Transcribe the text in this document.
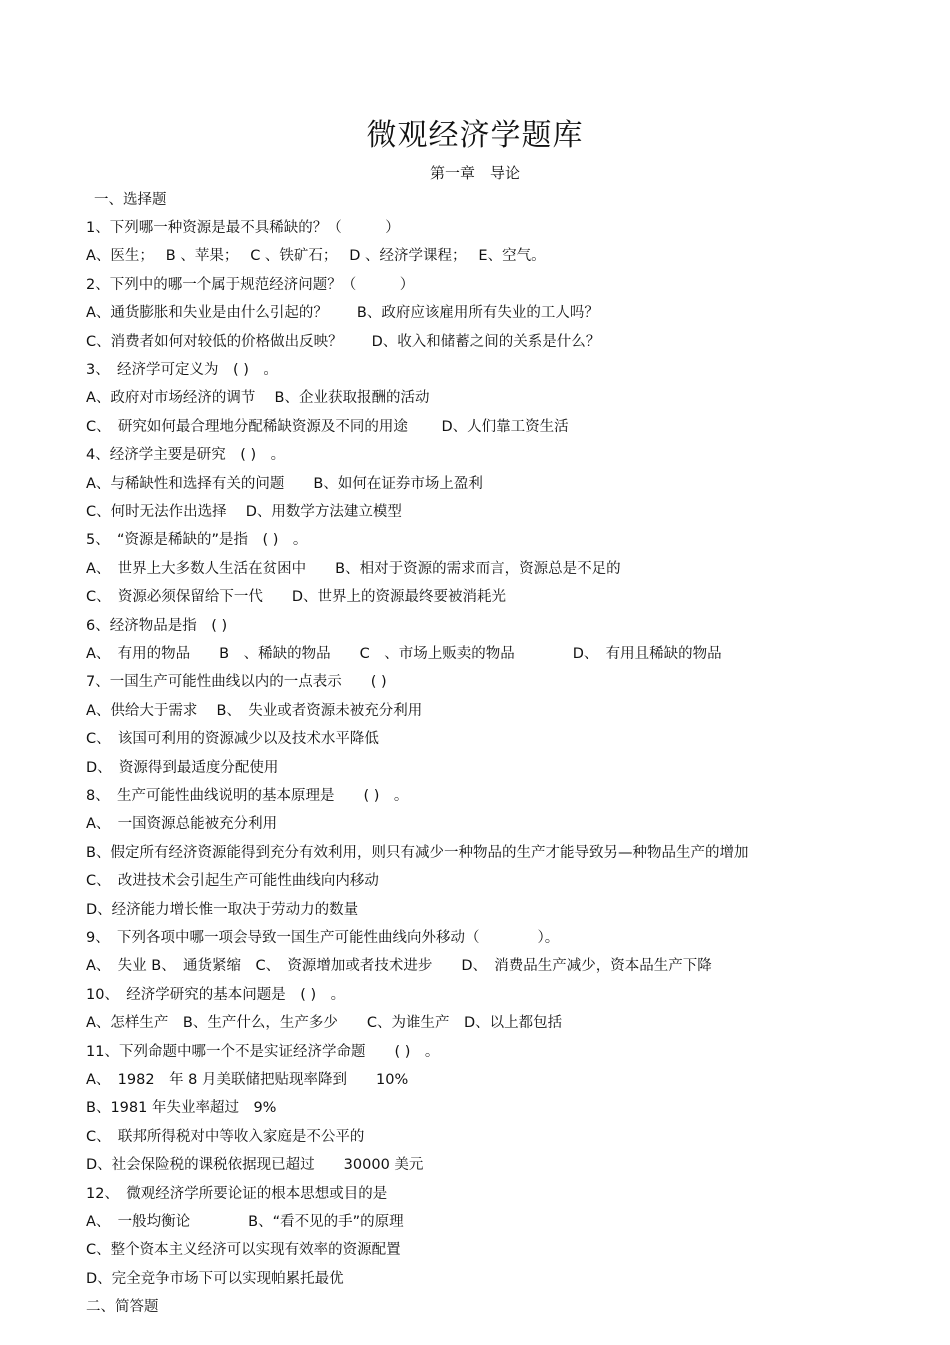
微观经济学题库
第一章　导论
一、选择题
1、下列哪一种资源是最不具稀缺的？（　　　）
A、医生；　 B 、苹果；　 C 、铁矿石；　 D 、经济学课程；　 E、空气。
2、下列中的哪一个属于规范经济问题？（　　　）
A、通货膨胀和失业是由什么引起的？　　B、政府应该雇用所有失业的工人吗？
C、消费者如何对较低的价格做出反映？　　D、收入和储蓄之间的关系是什么？
3、　经济学可定义为　( )　。
A、政府对市场经济的调节　 B、企业获取报酬的活动
C、　研究如何最合理地分配稀缺资源及不同的用途　　 D、人们靠工资生活
4、经济学主要是研究　( )　。
A、与稀缺性和选择有关的问题　　B、如何在证券市场上盈利
C、何时无法作出选择　 D、用数学方法建立模型
5、　“资源是稀缺的”是指　( )　。
A、　世界上大多数人生活在贫困中　　B、相对于资源的需求而言，资源总是不足的
C、　资源必须保留给下一代　　D、世界上的资源最终要被消耗光
6、经济物品是指　( )
A、　有用的物品　　B　、稀缺的物品　　C　、市场上贩卖的物品　　　　D、　有用且稀缺的物品
7、一国生产可能性曲线以内的一点表示　　( )
A、供给大于需求　 B、　失业或者资源未被充分利用
C、　该国可利用的资源减少以及技术水平降低
D、　资源得到最适度分配使用
8、　生产可能性曲线说明的基本原理是　　( )　。
A、　一国资源总能被充分利用
B、假定所有经济资源能得到充分有效利用，则只有减少一种物品的生产才能导致另—种物品生产的增加
C、　改进技术会引起生产可能性曲线向内移动
D、经济能力增长惟一取决于劳动力的数量
9、　下列各项中哪一项会导致一国生产可能性曲线向外移动（　　　　）。
A、　失业 B、　通货紧缩　C、　资源增加或者技术进步　　D、　消费品生产减少，资本品生产下降
10、　经济学研究的基本问题是　( )　。
A、怎样生产　B、生产什么，生产多少　　C、为谁生产　D、以上都包括
11、下列命题中哪一个不是实证经济学命题　　( )　。
A、　1982　年 8 月美联储把贴现率降到　　10%
B、1981 年失业率超过　9%
C、　联邦所得税对中等收入家庭是不公平的
D、社会保险税的课税依据现已超过　　30000 美元
12、　微观经济学所要论证的根本思想或目的是
A、　一般均衡论　　　　B、“看不见的手”的原理
C、整个资本主义经济可以实现有效率的资源配置
D、完全竞争市场下可以实现帕累托最优
二、简答题
